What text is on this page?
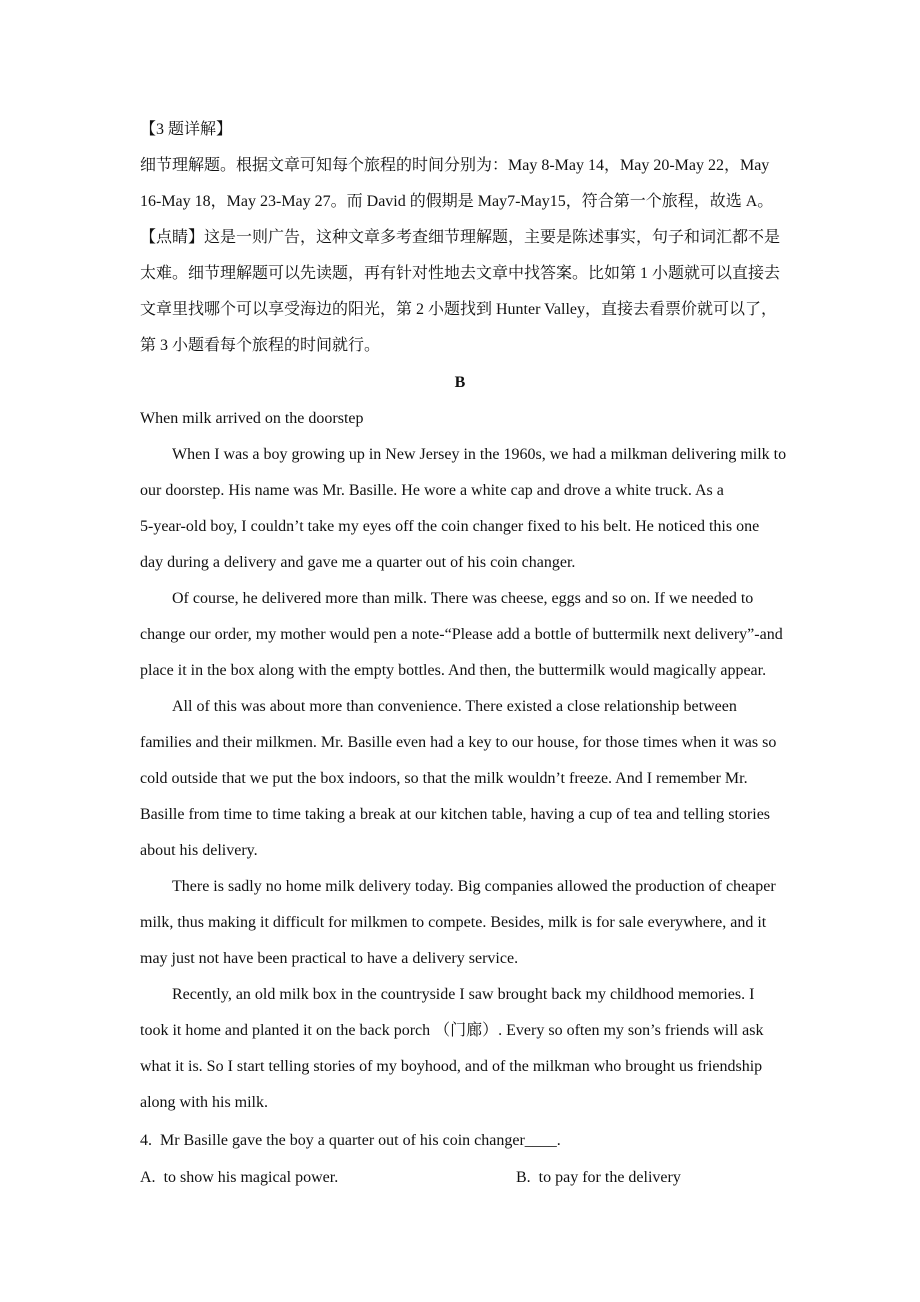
【3 题详解】
细节理解题。根据文章可知每个旅程的时间分别为：May 8-May 14，May 20-May 22，May
16-May 18，May 23-May 27。而 David 的假期是 May7-May15，符合第一个旅程，故选 A。
【点睛】这是一则广告，这种文章多考查细节理解题，主要是陈述事实，句子和词汇都不是
太难。细节理解题可以先读题，再有针对性地去文章中找答案。比如第 1 小题就可以直接去
文章里找哪个可以享受海边的阳光，第 2 小题找到 Hunter Valley，直接去看票价就可以了，
第 3 小题看每个旅程的时间就行。
B
When milk arrived on the doorstep
When I was a boy growing up in New Jersey in the 1960s, we had a milkman delivering milk to
our doorstep. His name was Mr. Basille. He wore a white cap and drove a white truck. As a
5-year-old boy, I couldn’t take my eyes off the coin changer fixed to his belt. He noticed this one
day during a delivery and gave me a quarter out of his coin changer.
Of course, he delivered more than milk. There was cheese, eggs and so on. If we needed to
change our order, my mother would pen a note-“Please add a bottle of buttermilk next delivery”-and
place it in the box along with the empty bottles. And then, the buttermilk would magically appear.
All of this was about more than convenience. There existed a close relationship between
families and their milkmen. Mr. Basille even had a key to our house, for those times when it was so
cold outside that we put the box indoors, so that the milk wouldn’t freeze. And I remember Mr.
Basille from time to time taking a break at our kitchen table, having a cup of tea and telling stories
about his delivery.
There is sadly no home milk delivery today. Big companies allowed the production of cheaper
milk, thus making it difficult for milkmen to compete. Besides, milk is for sale everywhere, and it
may just not have been practical to have a delivery service.
Recently, an old milk box in the countryside I saw brought back my childhood memories. I
took it home and planted it on the back porch （门廊）. Every so often my son’s friends will ask
what it is. So I start telling stories of my boyhood, and of the milkman who brought us friendship
along with his milk.
4. Mr Basille gave the boy a quarter out of his coin changer____.
A. to show his magical power.	B. to pay for the delivery
